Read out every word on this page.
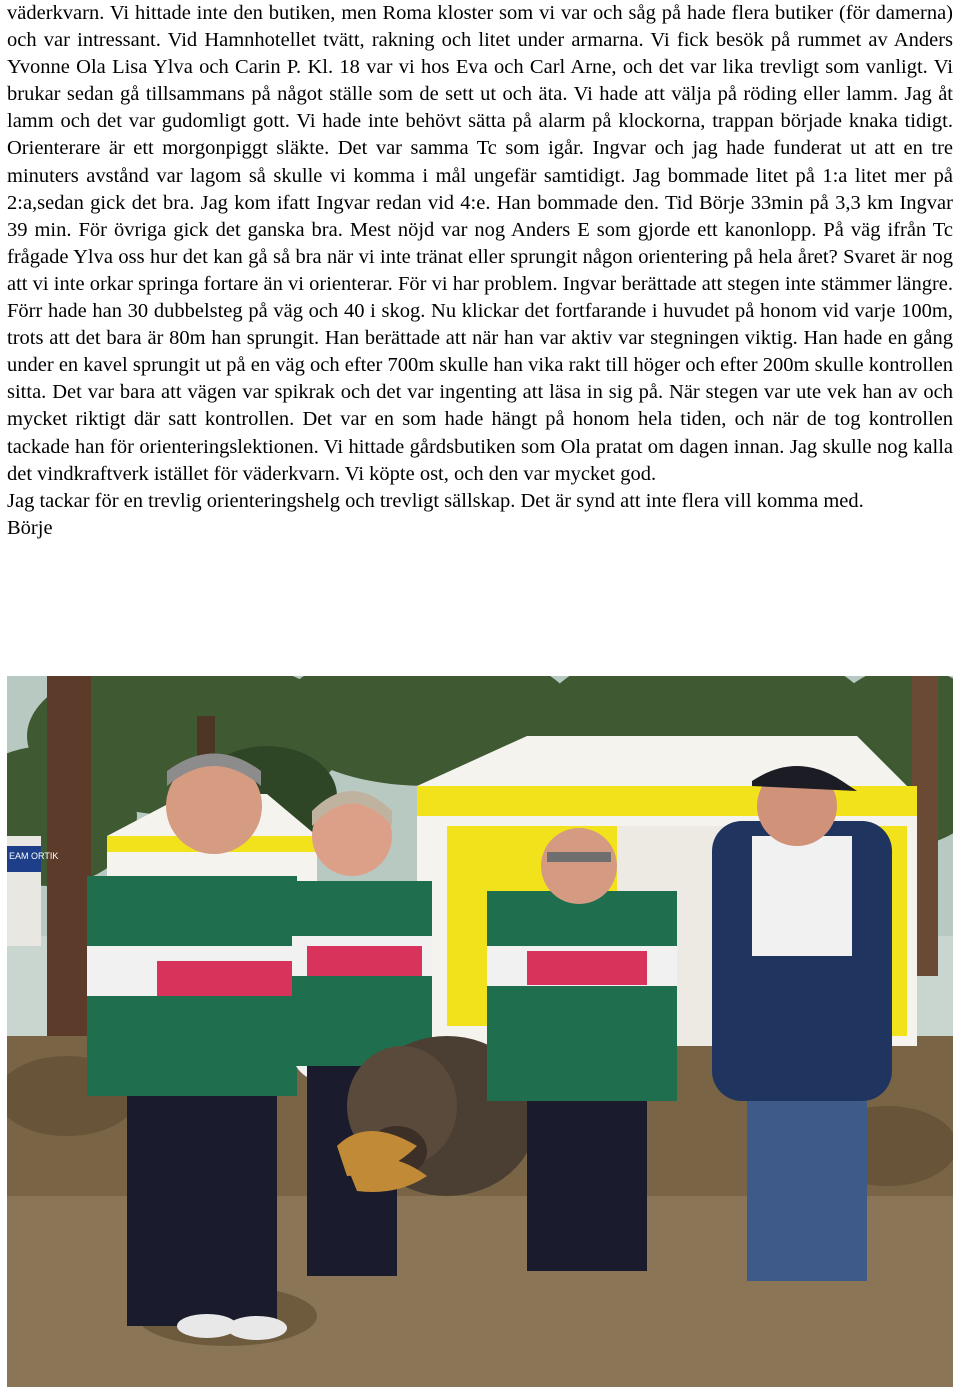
väderkvarn. Vi hittade inte den butiken, men Roma kloster som vi var och såg på hade flera butiker (för damerna) och var intressant. Vid Hamnhotellet tvätt, rakning och litet under armarna. Vi fick besök på rummet av Anders Yvonne Ola Lisa Ylva och Carin P. Kl. 18 var vi hos Eva och Carl Arne, och det var lika trevligt som vanligt. Vi brukar sedan gå tillsammans på något ställe som de sett ut och äta. Vi hade att välja på röding eller lamm. Jag åt lamm och det var gudomligt gott. Vi hade inte behövt sätta på alarm på klockorna, trappan började knaka tidigt. Orienterare är ett morgonpiggt släkte. Det var samma Tc som igår. Ingvar och jag hade funderat ut att en tre minuters avstånd var lagom så skulle vi komma i mål ungefär samtidigt. Jag bommade litet på 1:a litet mer på 2:a,sedan gick det bra. Jag kom ifatt Ingvar redan vid 4:e. Han bommade den. Tid Börje 33min på 3,3 km Ingvar 39 min. För övriga gick det ganska bra. Mest nöjd var nog Anders E som gjorde ett kanonlopp. På väg ifrån Tc frågade Ylva oss hur det kan gå så bra när vi inte tränat eller sprungit någon orientering på hela året? Svaret är nog att vi inte orkar springa fortare än vi orienterar. För vi har problem. Ingvar berättade att stegen inte stämmer längre. Förr hade han 30 dubbelsteg på väg och 40 i skog. Nu klickar det fortfarande i huvudet på honom vid varje 100m, trots att det bara är 80m han sprungit. Han berättade att när han var aktiv var stegningen viktig. Han hade en gång under en kavel sprungit ut på en väg och efter 700m skulle han vika rakt till höger och efter 200m skulle kontrollen sitta. Det var bara att vägen var spikrak och det var ingenting att läsa in sig på. När stegen var ute vek han av och mycket riktigt där satt kontrollen. Det var en som hade hängt på honom hela tiden, och när de tog kontrollen tackade han för orienteringslektionen. Vi hittade gårdsbutiken som Ola pratat om dagen innan. Jag skulle nog kalla det vindkraftverk istället för väderkvarn. Vi köpte ost, och den var mycket god.

Jag tackar för en trevlig orienteringshelg och trevligt sällskap. Det är synd att inte flera vill komma med.

Börje

EAM ORTIK
